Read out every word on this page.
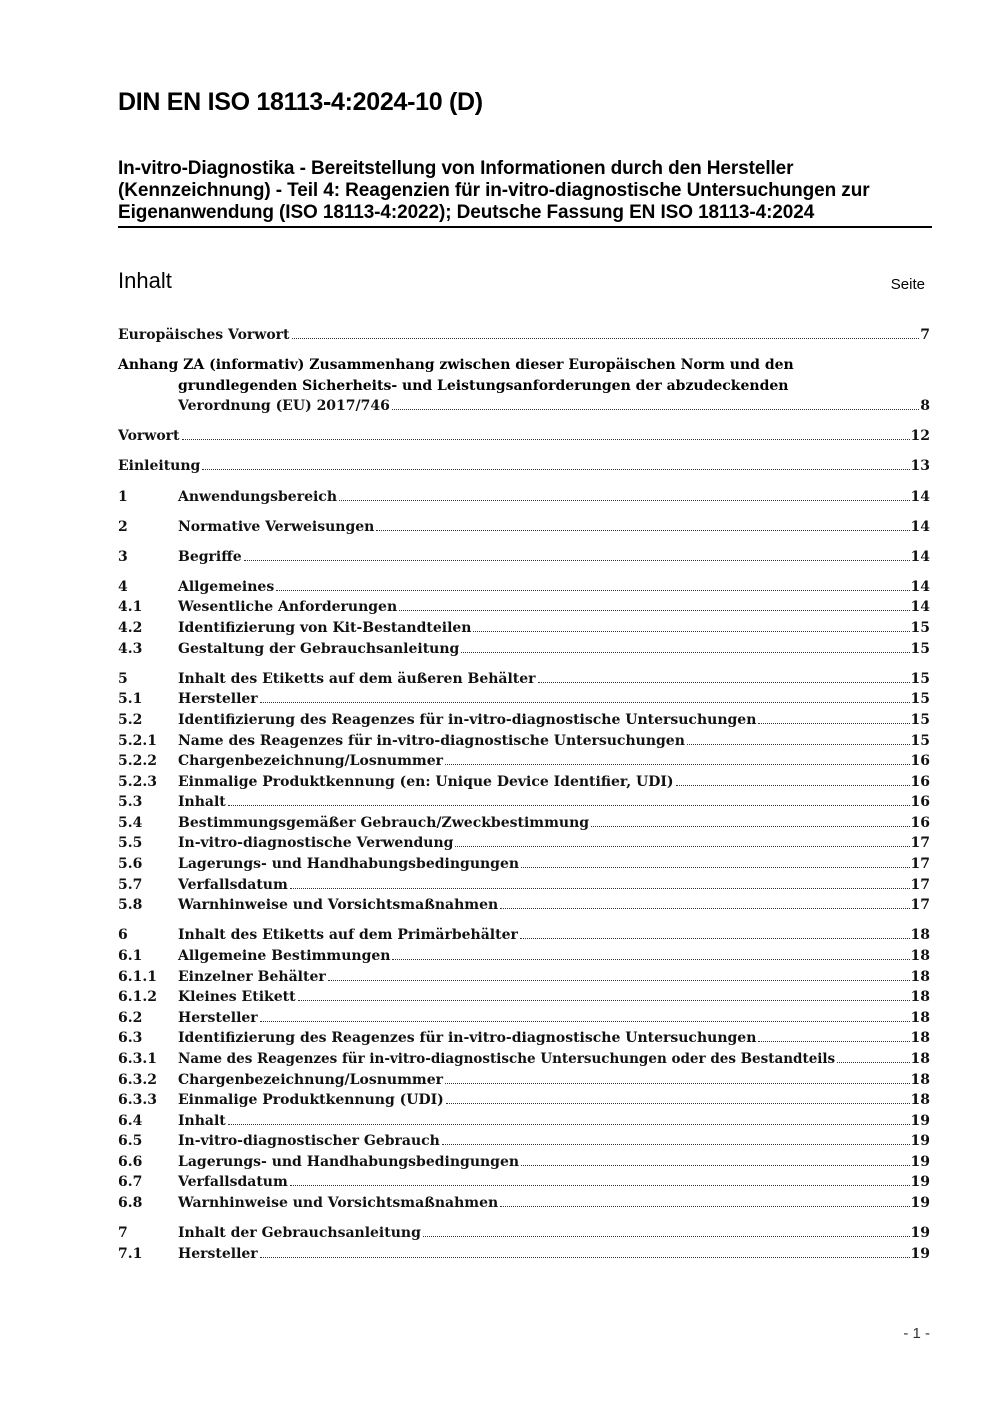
DIN EN ISO 18113-4:2024-10 (D)
In-vitro-Diagnostika - Bereitstellung von Informationen durch den Hersteller (Kennzeichnung) - Teil 4: Reagenzien für in-vitro-diagnostische Untersuchungen zur Eigenanwendung (ISO 18113-4:2022); Deutsche Fassung EN ISO 18113-4:2024
Inhalt	Seite
Europäisches Vorwort	7
Anhang ZA (informativ) Zusammenhang zwischen dieser Europäischen Norm und den
grundlegenden Sicherheits- und Leistungsanforderungen der abzudeckenden
Verordnung (EU) 2017/746	8
Vorwort	12
Einleitung	13
1	Anwendungsbereich	14
2	Normative Verweisungen	14
3	Begriffe	14
4	Allgemeines	14
4.1	Wesentliche Anforderungen	14
4.2	Identifizierung von Kit-Bestandteilen	15
4.3	Gestaltung der Gebrauchsanleitung	15
5	Inhalt des Etiketts auf dem äußeren Behälter	15
5.1	Hersteller	15
5.2	Identifizierung des Reagenzes für in-vitro-diagnostische Untersuchungen	15
5.2.1	Name des Reagenzes für in-vitro-diagnostische Untersuchungen	15
5.2.2	Chargenbezeichnung/Losnummer	16
5.2.3	Einmalige Produktkennung (en: Unique Device Identifier, UDI)	16
5.3	Inhalt	16
5.4	Bestimmungsgemäßer Gebrauch/Zweckbestimmung	16
5.5	In-vitro-diagnostische Verwendung	17
5.6	Lagerungs- und Handhabungsbedingungen	17
5.7	Verfallsdatum	17
5.8	Warnhinweise und Vorsichtsmaßnahmen	17
6	Inhalt des Etiketts auf dem Primärbehälter	18
6.1	Allgemeine Bestimmungen	18
6.1.1	Einzelner Behälter	18
6.1.2	Kleines Etikett	18
6.2	Hersteller	18
6.3	Identifizierung des Reagenzes für in-vitro-diagnostische Untersuchungen	18
6.3.1	Name des Reagenzes für in-vitro-diagnostische Untersuchungen oder des Bestandteils	18
6.3.2	Chargenbezeichnung/Losnummer	18
6.3.3	Einmalige Produktkennung (UDI)	18
6.4	Inhalt	19
6.5	In-vitro-diagnostischer Gebrauch	19
6.6	Lagerungs- und Handhabungsbedingungen	19
6.7	Verfallsdatum	19
6.8	Warnhinweise und Vorsichtsmaßnahmen	19
7	Inhalt der Gebrauchsanleitung	19
7.1	Hersteller	19
- 1 -
